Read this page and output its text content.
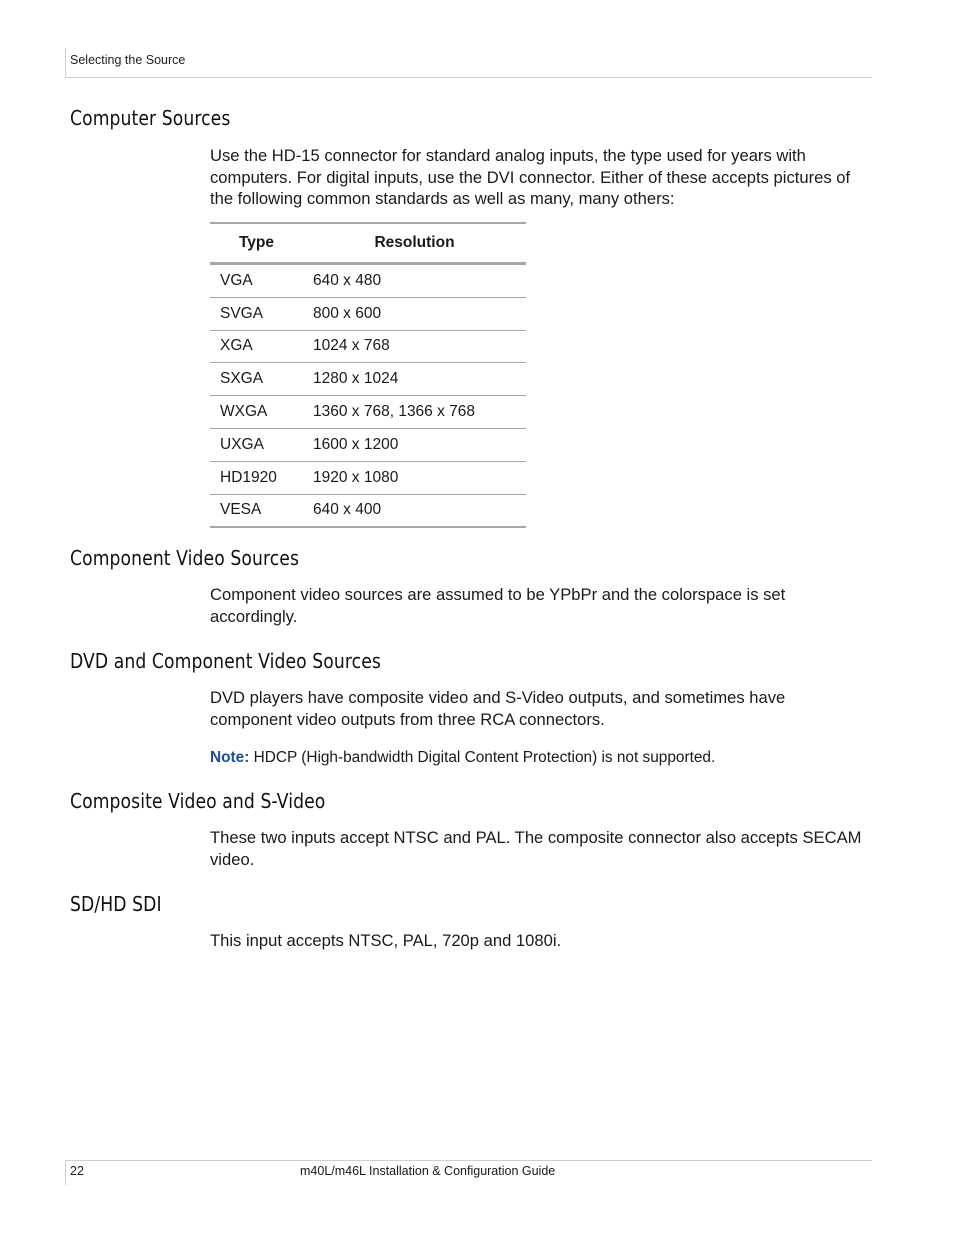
Selecting the Source
Computer Sources

Use the HD-15 connector for standard analog inputs, the type used for years with computers. For digital inputs, use the DVI connector. Either of these accepts pictures of the following common standards as well as many, many others:

Type	Resolution
VGA	640 x 480
SVGA	800 x 600
XGA	1024 x 768
SXGA	1280 x 1024
WXGA	1360 x 768, 1366 x 768
UXGA	1600 x 1200
HD1920	1920 x 1080
VESA	640 x 400
Component Video Sources

Component video sources are assumed to be YPbPr and the colorspace is set accordingly.

DVD and Component Video Sources

DVD players have composite video and S-Video outputs, and sometimes have component video outputs from three RCA connectors.

Note: HDCP (High-bandwidth Digital Content Protection) is not supported.

Composite Video and S-Video

These two inputs accept NTSC and PAL. The composite connector also accepts SECAM video.

SD/HD SDI

This input accepts NTSC, PAL, 720p and 1080i.

22	m40L/m46L Installation & Configuration Guide
